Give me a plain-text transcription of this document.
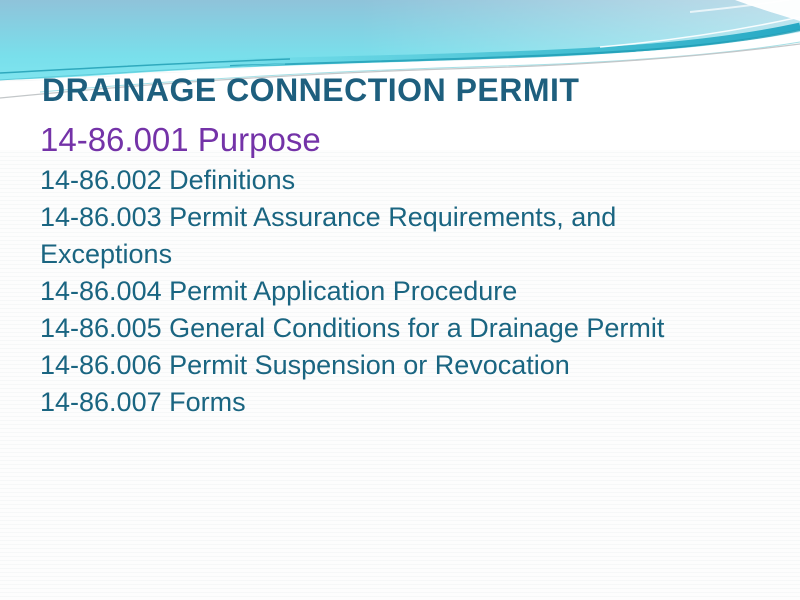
DRAINAGE CONNECTION PERMIT
14-86.001 Purpose
14-86.002 Definitions
14-86.003 Permit Assurance Requirements, and
Exceptions
14-86.004 Permit Application Procedure
14-86.005 General Conditions for a Drainage Permit
14-86.006 Permit Suspension or Revocation
14-86.007 Forms
